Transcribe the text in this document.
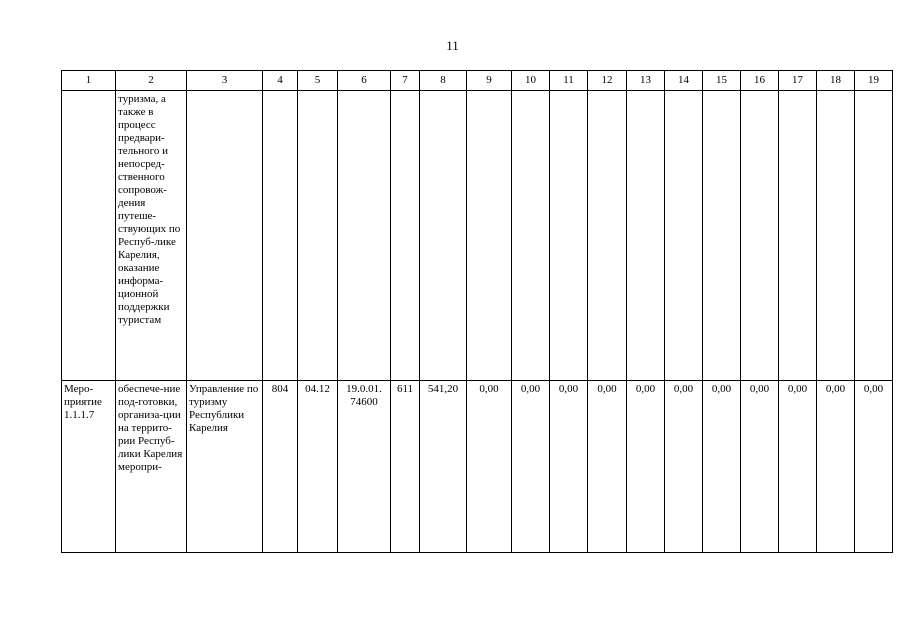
11
1	2	3	4	5	6	7	8	9	10	11	12	13	14	15	16	17	18	19
	туризма, а также в процесс предвари-тельного и непосред-ственного сопровож-дения путеше-ствующих по Респуб-лике Карелия, оказание информа-ционной поддержки туристам																	
Меро-приятие 1.1.1.7	обеспече-ние под-готовки, организа-ции на террито-рии Респуб-лики Карелия меропри-	Управление по туризму Республики Карелия	804	04.12	19.0.01. 74600	611	541,20	0,00	0,00	0,00	0,00	0,00	0,00	0,00	0,00	0,00	0,00	0,00
